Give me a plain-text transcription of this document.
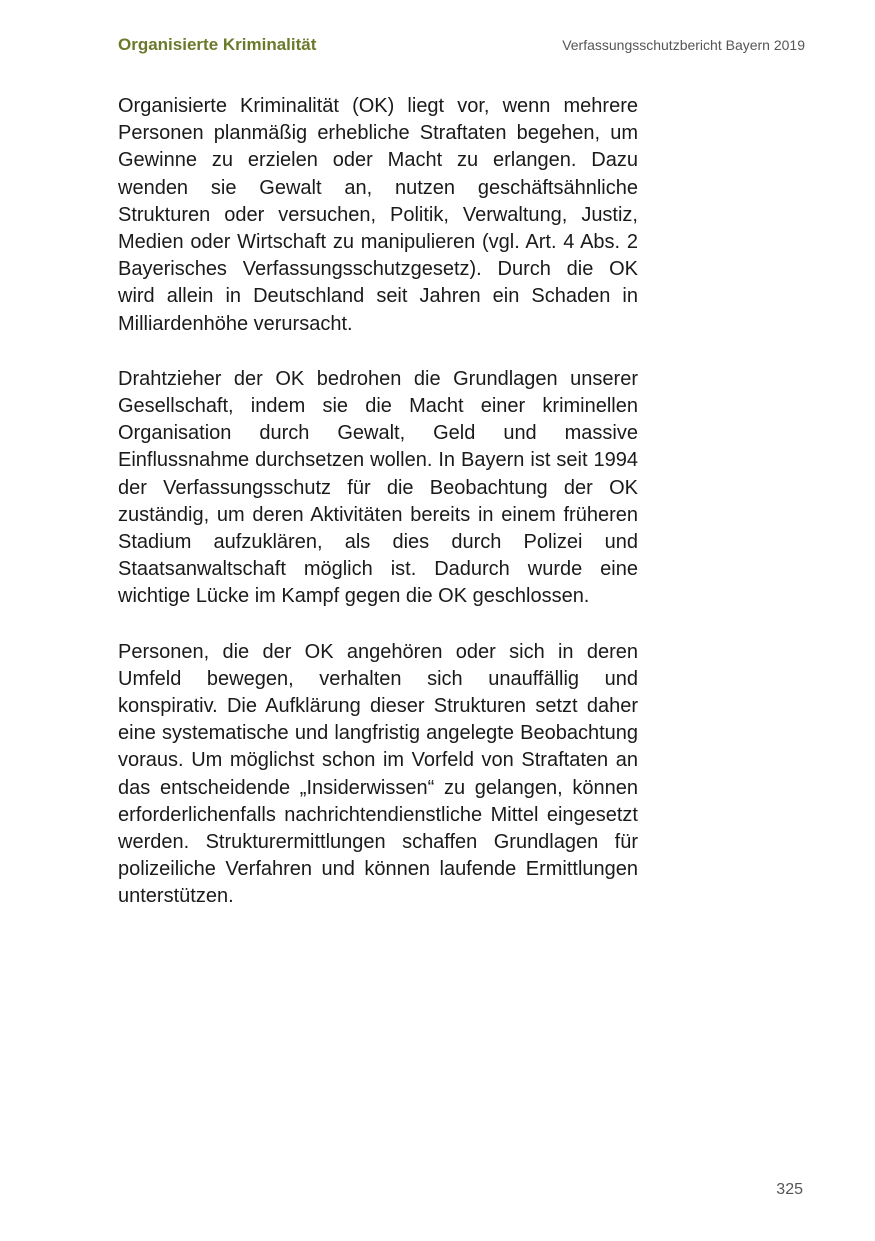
Organisierte Kriminalität	Verfassungsschutzbericht Bayern 2019

Organisierte Kriminalität (OK) liegt vor, wenn mehrere Personen planmäßig erhebliche Straftaten begehen, um Gewinne zu erzielen oder Macht zu erlangen. Dazu wenden sie Gewalt an, nutzen geschäftsähnliche Strukturen oder versuchen, Politik, Verwaltung, Justiz, Medien oder Wirtschaft zu manipulieren (vgl. Art. 4 Abs. 2 Bayerisches Verfassungsschutzgesetz). Durch die OK wird allein in Deutschland seit Jahren ein Schaden in Milliardenhöhe verursacht.

Drahtzieher der OK bedrohen die Grundlagen unserer Gesellschaft, indem sie die Macht einer kriminellen Organisation durch Gewalt, Geld und massive Einflussnahme durchsetzen wollen. In Bayern ist seit 1994 der Verfassungsschutz für die Beobachtung der OK zuständig, um deren Aktivitäten bereits in einem früheren Stadium aufzuklären, als dies durch Polizei und Staatsanwaltschaft möglich ist. Dadurch wurde eine wichtige Lücke im Kampf gegen die OK geschlossen.

Personen, die der OK angehören oder sich in deren Umfeld bewegen, verhalten sich unauffällig und konspirativ. Die Aufklärung dieser Strukturen setzt daher eine systematische und langfristig angelegte Beobachtung voraus. Um möglichst schon im Vorfeld von Straftaten an das entscheidende „Insiderwissen“ zu gelangen, können erforderlichenfalls nachrichtendienstliche Mittel eingesetzt werden. Strukturermittlungen schaffen Grundlagen für polizeiliche Verfahren und können laufende Ermittlungen unterstützen.

325
